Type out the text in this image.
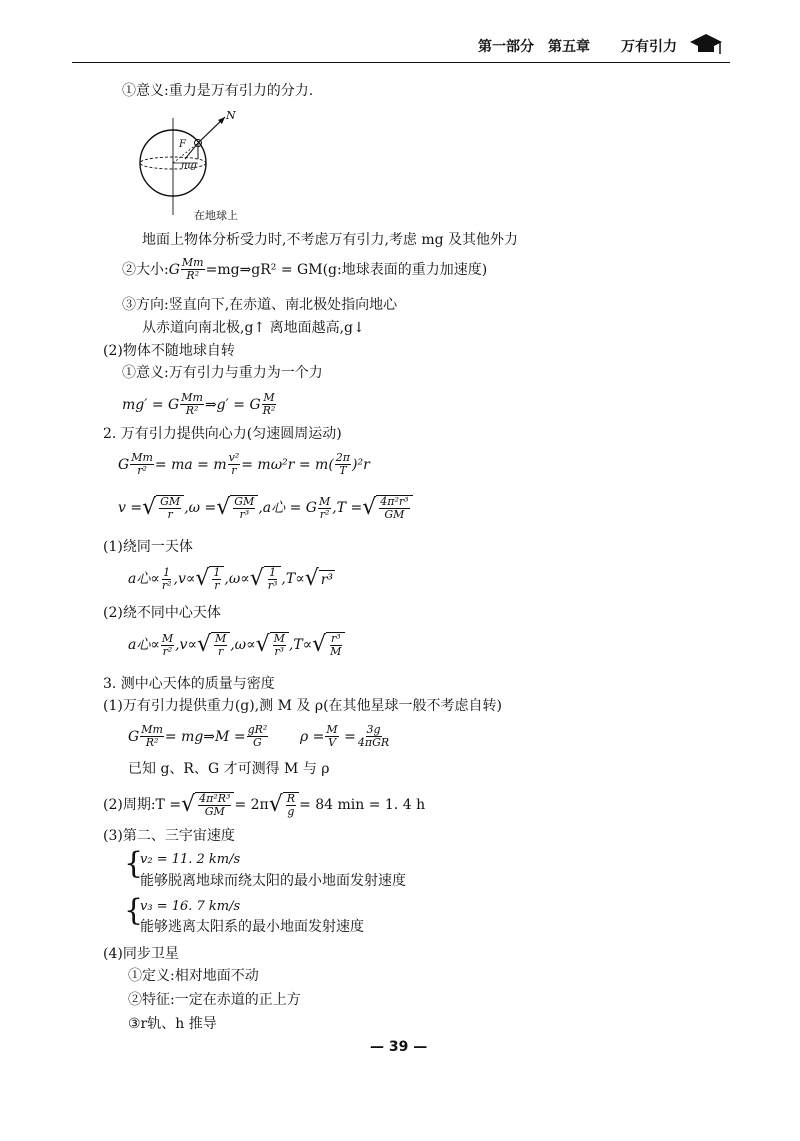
第一部分 第五章 万有引力
①意义:重力是万有引力的分力.
N
F
mg
在地球上
地面上物体分析受力时,不考虑万有引力,考虑 mg 及其他外力
②大小: G $\frac{Mm}{\text{R²}}$ =mg⇒gR² = GM(g:地球表面的重力加速度)
③方向:竖直向下,在赤道、南北极处指向地心
从赤道向南北极,g↑ 离地面越高,g↓
(2)物体不随地球自转
①意义:万有引力与重力为一个力
mg′ = G $\frac{Mm}{\text{R²}}$ ⇒g′ = G $\frac{M}{\text{R²}}$
2. 万有引力提供向心力(匀速圆周运动)
G $\frac{Mm}{\text{r²}}$ = ma = m $\frac{\text{v²}}{r} = m\omega^2r = m( \frac{2\pi}{T} )^2r$
v = √ $\frac{GM}{r} ,\omega$ = √ $\frac{GM}{\text{r³}} ,a$心 = G $\frac{M}{\text{r²}} ,T$ = √ $\frac{\text{4π²r³}}{GM}$
(1)绕同一天体
a心∝ $\frac{1}{\text{r²}} ,v\propto$ √ $\frac{1}{r} ,\omega\propto$ √ $\frac{1}{\text{r³}} ,T\propto$ √ r³
(2)绕不同中心天体
a心∝ $\frac{M}{\text{r²}} ,v\propto$ √ $\frac{M}{r} ,\omega\propto$ √ $\frac{M}{\text{r³}} ,T\propto$ √ $\frac{\text{r³}}{M}$
3. 测中心天体的质量与密度
(1)万有引力提供重力(g),测 M 及 ρ(在其他星球一般不考虑自转)
G $\frac{Mm}{\text{R²}}$ = mg⇒M = $\frac{\text{gR²}}{G}$ $\rho = \frac{M}{V} = \frac{3g}{\text{4πGR}}$
已知 g、R、G 才可测得 M 与 ρ
(2)周期:T = √ $\frac{\text{4π²R³}}{GM} = 2\pi$ √ $\frac{R}{g} = 84$ min = 1. 4 h
(3)第二、三宇宙速度
{
v₂ = 11. 2 km/s
能够脱离地球而绕太阳的最小地面发射速度
{
v₃ = 16. 7 km/s
能够逃离太阳系的最小地面发射速度
(4)同步卫星
①定义:相对地面不动
②特征:一定在赤道的正上方
③r轨、h 推导
— 39 —
